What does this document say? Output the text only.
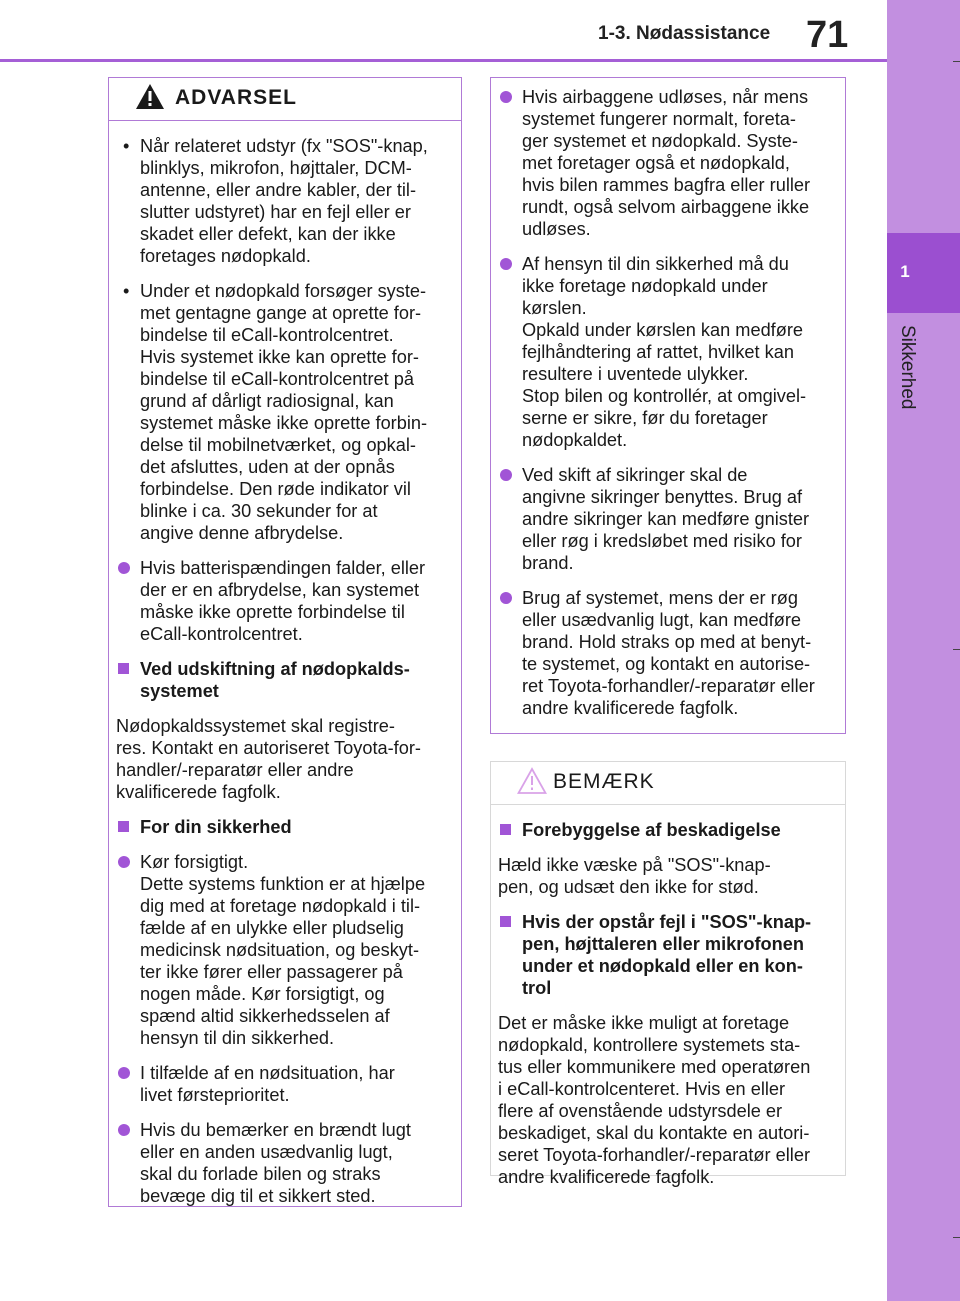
1
Sikkerhed
1-3. Nødassistance 71
ADVARSEL
• Når relateret udstyr (fx "SOS"-knap,
blinklys, mikrofon, højttaler, DCM-
antenne, eller andre kabler, der til-
slutter udstyret) har en fejl eller er
skadet eller defekt, kan der ikke
foretages nødopkald.
• Under et nødopkald forsøger syste-
met gentagne gange at oprette for-
bindelse til eCall-kontrolcentret.
Hvis systemet ikke kan oprette for-
bindelse til eCall-kontrolcentret på
grund af dårligt radiosignal, kan
systemet måske ikke oprette forbin-
delse til mobilnetværket, og opkal-
det afsluttes, uden at der opnås
forbindelse. Den røde indikator vil
blinke i ca. 30 sekunder for at
angive denne afbrydelse.
Hvis batterispændingen falder, eller
der er en afbrydelse, kan systemet
måske ikke oprette forbindelse til
eCall-kontrolcentret.
Ved udskiftning af nødopkalds-
systemet
Nødopkaldssystemet skal registre-
res. Kontakt en autoriseret Toyota-for-
handler/-reparatør eller andre
kvalificerede fagfolk.
For din sikkerhed
Kør forsigtigt.
Dette systems funktion er at hjælpe
dig med at foretage nødopkald i til-
fælde af en ulykke eller pludselig
medicinsk nødsituation, og beskyt-
ter ikke fører eller passagerer på
nogen måde. Kør forsigtigt, og
spænd altid sikkerhedsselen af
hensyn til din sikkerhed.
I tilfælde af en nødsituation, har
livet førsteprioritet.
Hvis du bemærker en brændt lugt
eller en anden usædvanlig lugt,
skal du forlade bilen og straks
bevæge dig til et sikkert sted.
Hvis airbaggene udløses, når mens
systemet fungerer normalt, foreta-
ger systemet et nødopkald. Syste-
met foretager også et nødopkald,
hvis bilen rammes bagfra eller ruller
rundt, også selvom airbaggene ikke
udløses.
Af hensyn til din sikkerhed må du
ikke foretage nødopkald under
kørslen.
Opkald under kørslen kan medføre
fejlhåndtering af rattet, hvilket kan
resultere i uventede ulykker.
Stop bilen og kontrollér, at omgivel-
serne er sikre, før du foretager
nødopkaldet.
Ved skift af sikringer skal de
angivne sikringer benyttes. Brug af
andre sikringer kan medføre gnister
eller røg i kredsløbet med risiko for
brand.
Brug af systemet, mens der er røg
eller usædvanlig lugt, kan medføre
brand. Hold straks op med at benyt-
te systemet, og kontakt en autorise-
ret Toyota-forhandler/-reparatør eller
andre kvalificerede fagfolk.
BEMÆRK
Forebyggelse af beskadigelse
Hæld ikke væske på "SOS"-knap-
pen, og udsæt den ikke for stød.
Hvis der opstår fejl i "SOS"-knap-
pen, højttaleren eller mikrofonen
under et nødopkald eller en kon-
trol
Det er måske ikke muligt at foretage
nødopkald, kontrollere systemets sta-
tus eller kommunikere med operatøren
i eCall-kontrolcenteret. Hvis en eller
flere af ovenstående udstyrsdele er
beskadiget, skal du kontakte en autori-
seret Toyota-forhandler/-reparatør eller
andre kvalificerede fagfolk.
